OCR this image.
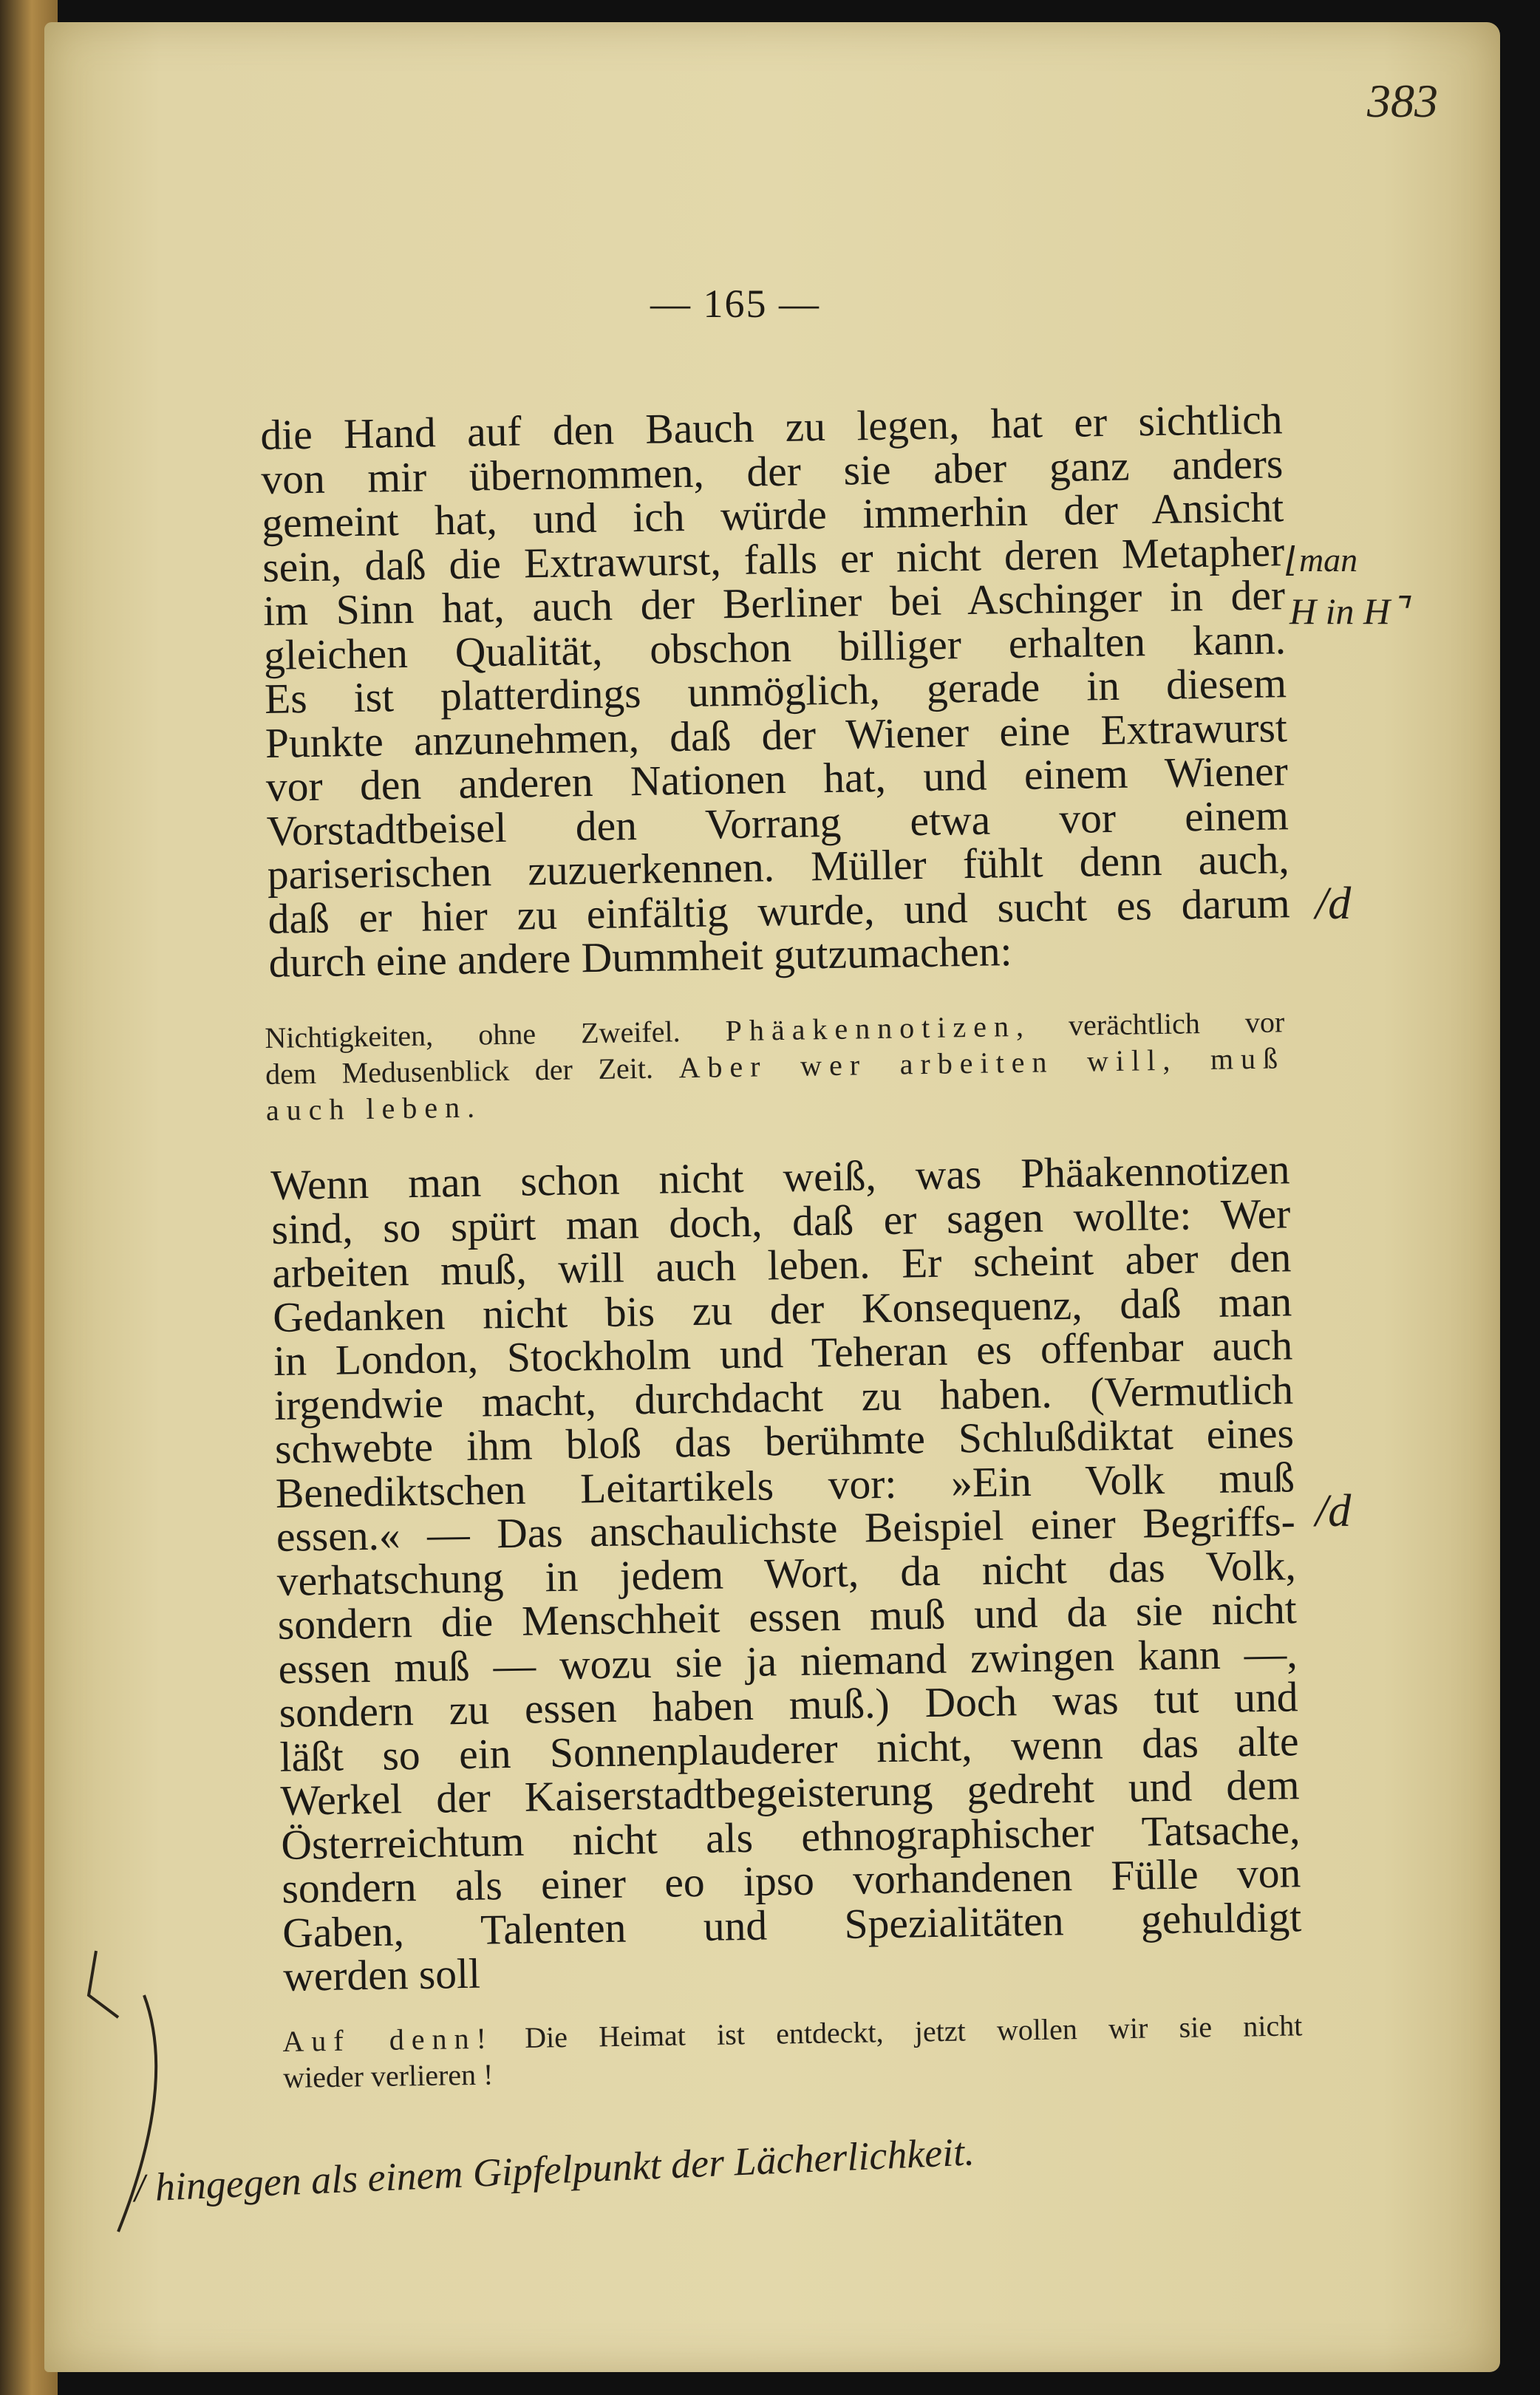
383
— 165 —
die Hand auf den Bauch zu legen, hat er sichtlich
von mir übernommen, der sie aber ganz anders
gemeint hat, und ich würde immerhin der Ansicht
sein, daß die Extrawurst, falls er nicht deren Metapher
im Sinn hat, auch der Berliner bei Aschinger in der
gleichen Qualität, obschon billiger erhalten kann.
Es ist platterdings unmöglich, gerade in diesem
Punkte anzunehmen, daß der Wiener eine Extrawurst
vor den anderen Nationen hat, und einem Wiener
Vorstadtbeisel den Vorrang etwa vor einem
pariserischen zuzuerkennen. Müller fühlt denn auch,
daß er hier zu einfältig wurde, und sucht es darum
durch eine andere Dummheit gutzumachen:
Nichtigkeiten, ohne Zweifel. Phäakennotizen, verächtlich vor
dem Medusenblick der Zeit. Aber wer arbeiten will, muß
auch leben.
Wenn man schon nicht weiß, was Phäakennotizen
sind, so spürt man doch, daß er sagen wollte: Wer
arbeiten muß, will auch leben. Er scheint aber den
Gedanken nicht bis zu der Konsequenz, daß man
in London, Stockholm und Teheran es offenbar auch
irgendwie macht, durchdacht zu haben. (Vermutlich
schwebte ihm bloß das berühmte Schlußdiktat eines
Benediktschen Leitartikels vor: »Ein Volk muß
essen.« — Das anschaulichste Beispiel einer Begriffs-
verhatschung in jedem Wort, da nicht das Volk,
sondern die Menschheit essen muß und da sie nicht
essen muß — wozu sie ja niemand zwingen kann —,
sondern zu essen haben muß.) Doch was tut und
läßt so ein Sonnenplauderer nicht, wenn das alte
Werkel der Kaiserstadtbegeisterung gedreht und dem
Österreichtum nicht als ethnographischer Tatsache,
sondern als einer eo ipso vorhandenen Fülle von
Gaben, Talenten und Spezialitäten gehuldigt
werden soll
Auf denn! Die Heimat ist entdeckt, jetzt wollen wir sie nicht
wieder verlieren !
⌊man
H in H⌝
/d
/d
/ hingegen als einem Gipfelpunkt der Lächerlichkeit.
